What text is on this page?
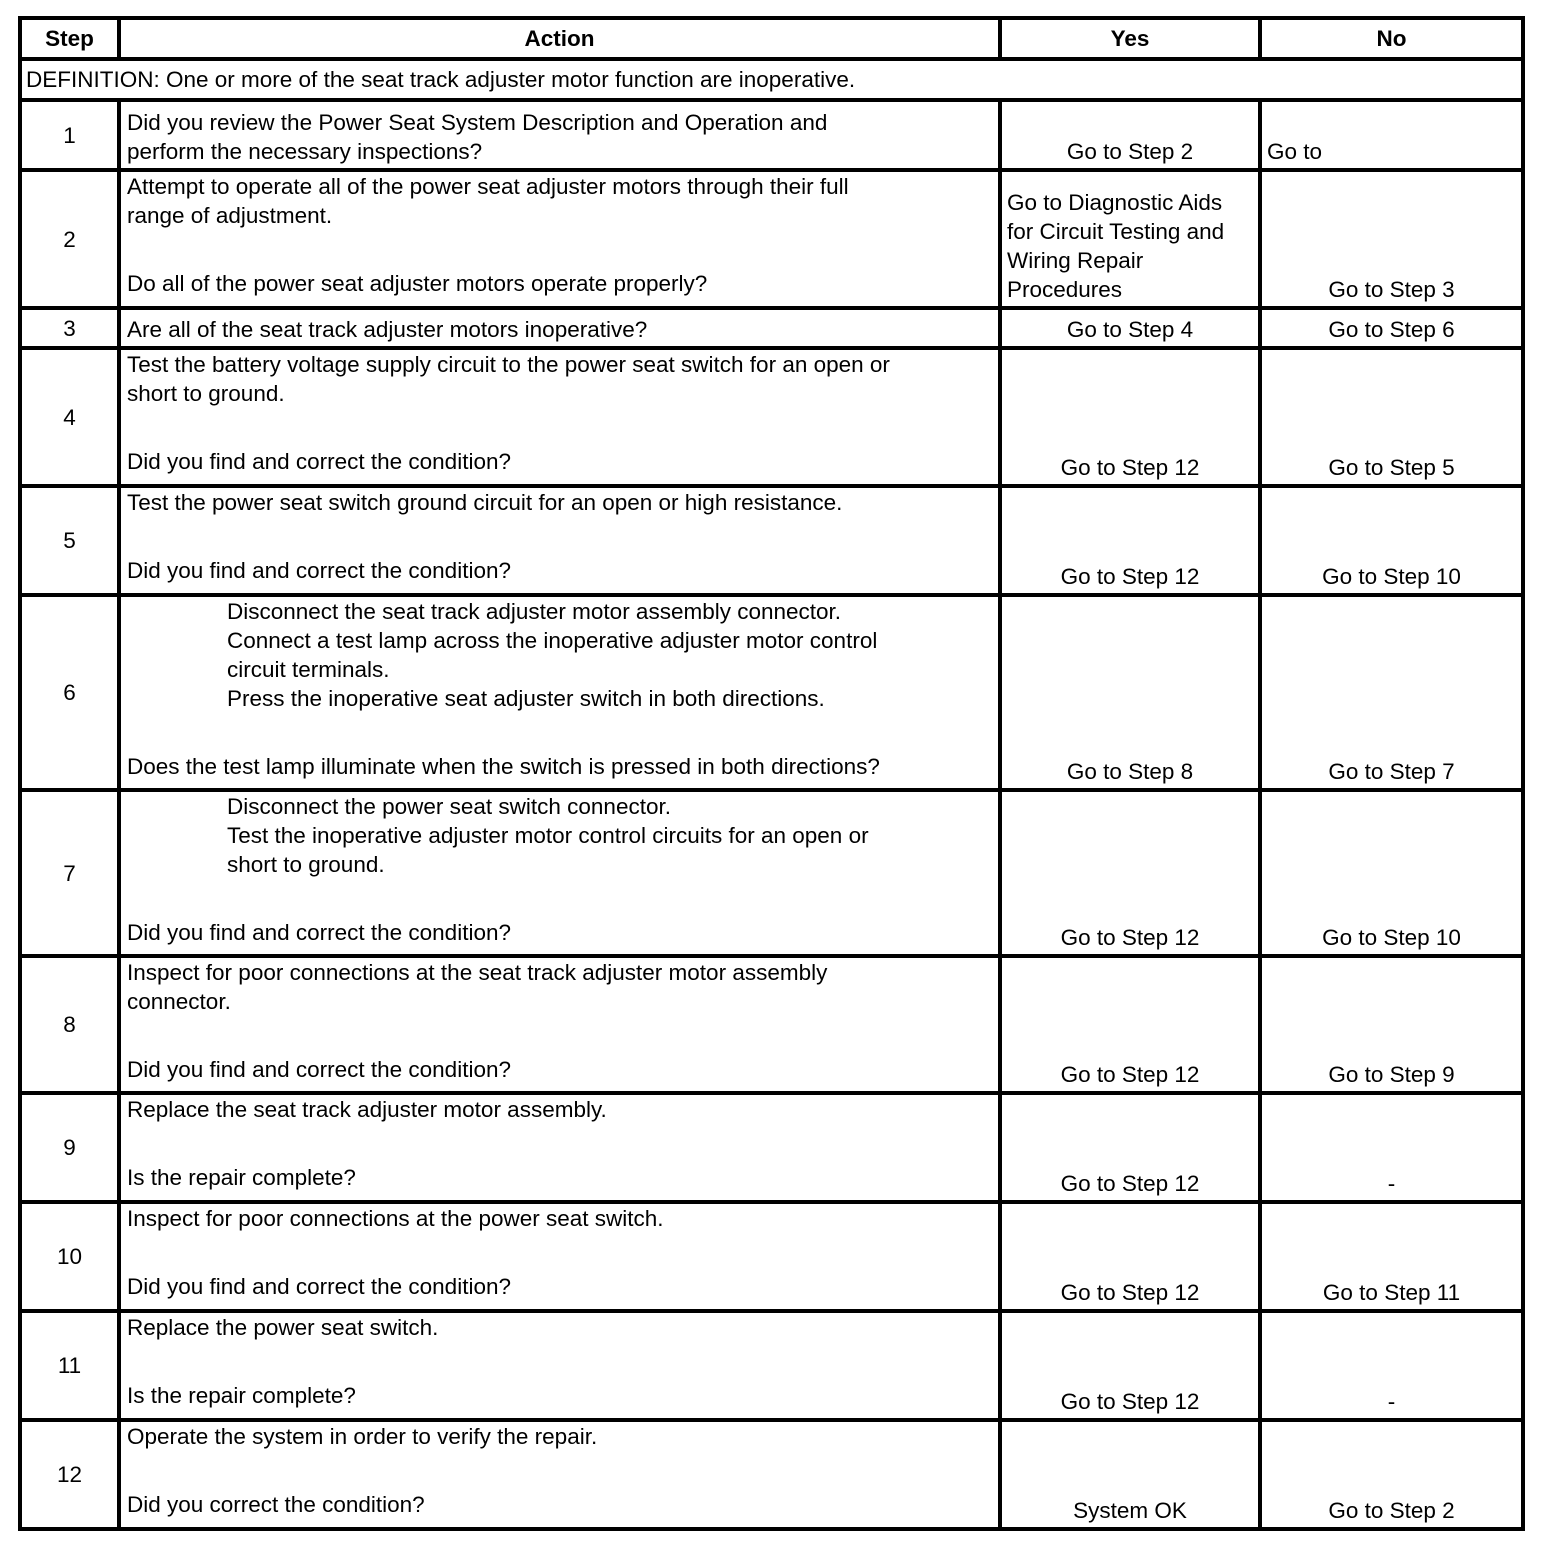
Step	Action	Yes	No
DEFINITION: One or more of the seat track adjuster motor function are inoperative.			
1	Did you review the Power Seat System Description and Operation and
perform the necessary inspections?	Go to Step 2	Go to
2	Attempt to operate all of the power seat adjuster motors through their full
range of adjustment.
Do all of the power seat adjuster motors operate properly?	Go to Diagnostic Aids
for Circuit Testing and
Wiring Repair
Procedures	Go to Step 3
3	Are all of the seat track adjuster motors inoperative?	Go to Step 4	Go to Step 6
4	Test the battery voltage supply circuit to the power seat switch for an open or
short to ground.
Did you find and correct the condition?	Go to Step 12	Go to Step 5
5	Test the power seat switch ground circuit for an open or high resistance.
Did you find and correct the condition?	Go to Step 12	Go to Step 10
6	Disconnect the seat track adjuster motor assembly connector.
Connect a test lamp across the inoperative adjuster motor control
circuit terminals.
Press the inoperative seat adjuster switch in both directions.
Does the test lamp illuminate when the switch is pressed in both directions?	Go to Step 8	Go to Step 7
7	Disconnect the power seat switch connector.
Test the inoperative adjuster motor control circuits for an open or
short to ground.
Did you find and correct the condition?	Go to Step 12	Go to Step 10
8	Inspect for poor connections at the seat track adjuster motor assembly
connector.
Did you find and correct the condition?	Go to Step 12	Go to Step 9
9	Replace the seat track adjuster motor assembly.
Is the repair complete?	Go to Step 12	-
10	Inspect for poor connections at the power seat switch.
Did you find and correct the condition?	Go to Step 12	Go to Step 11
11	Replace the power seat switch.
Is the repair complete?	Go to Step 12	-
12	Operate the system in order to verify the repair.
Did you correct the condition?	System OK	Go to Step 2
